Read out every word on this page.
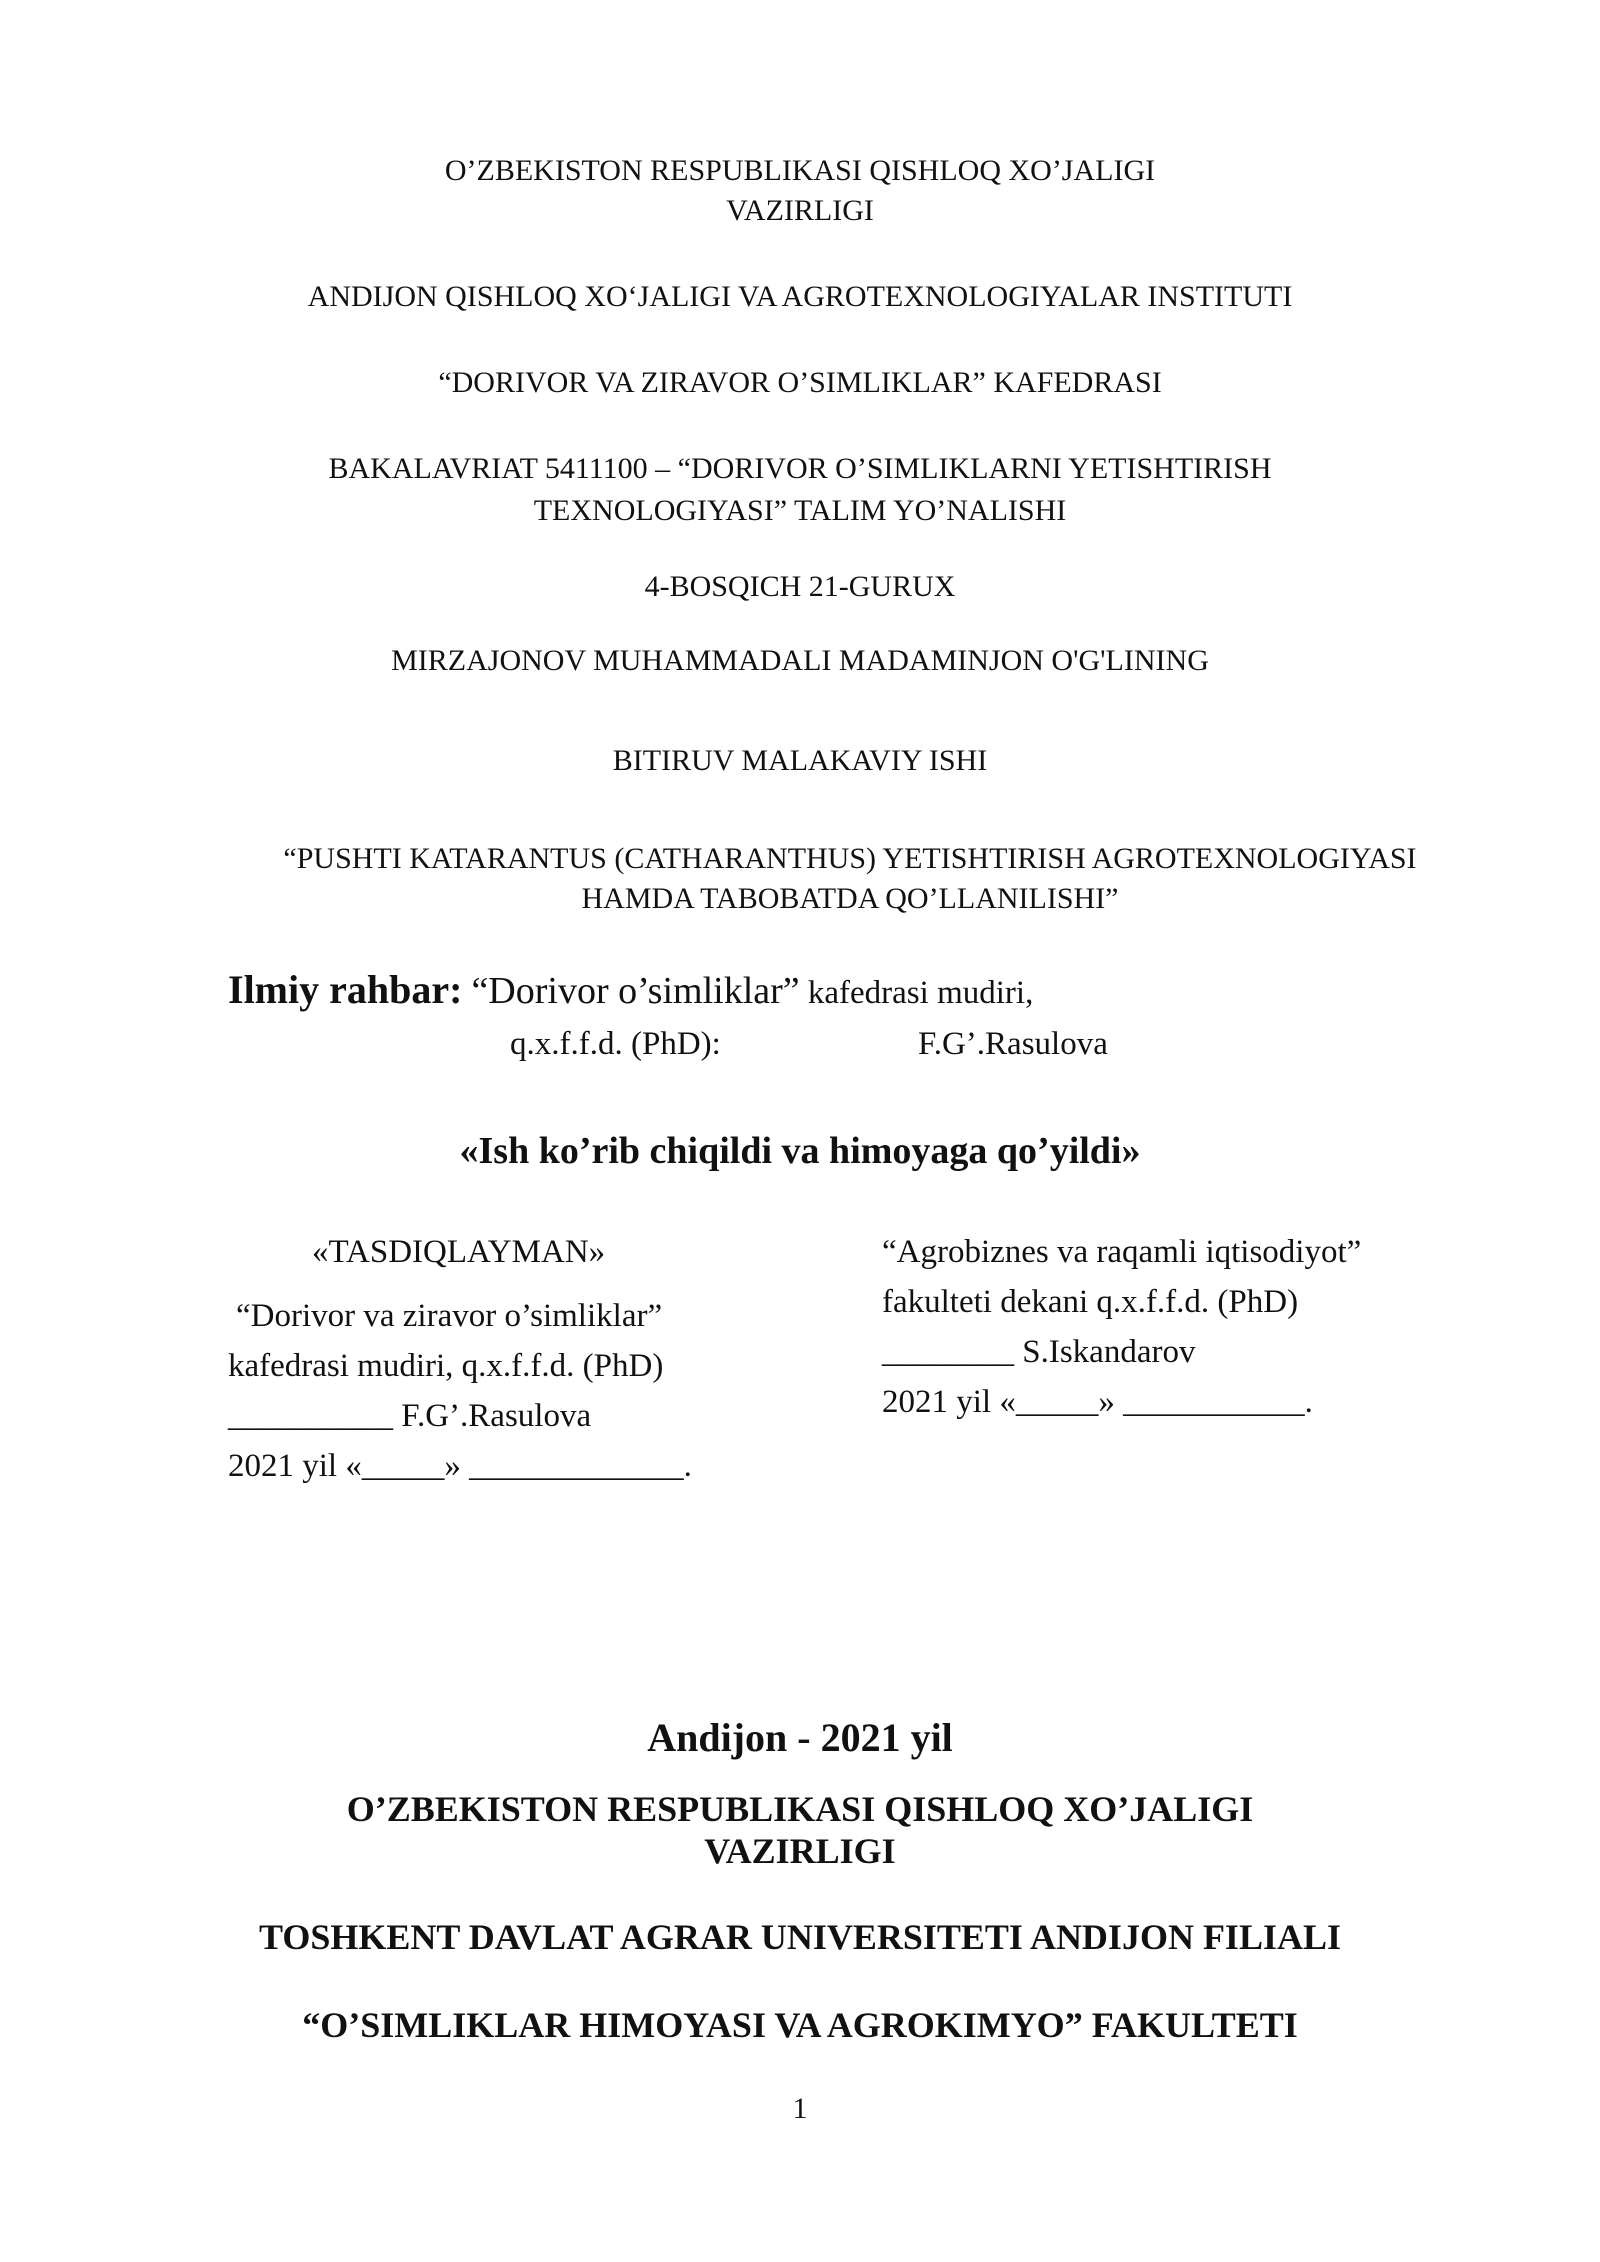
O’ZBEKISTON RESPUBLIKASI QISHLOQ XO’JALIGI
VAZIRLIGI
ANDIJON QISHLOQ XO‘JALIGI VA AGROTEXNOLOGIYALAR INSTITUTI
“DORIVOR VA ZIRAVOR O’SIMLIKLAR” KAFEDRASI
BAKALAVRIAT 5411100 – “DORIVOR O’SIMLIKLARNI YETISHTIRISH
TEXNOLOGIYASI” TALIM YO’NALISHI
4-BOSQICH 21-GURUX
MIRZAJONOV MUHAMMADALI MADAMINJON O'G'LINING
BITIRUV MALAKAVIY ISHI
“PUSHTI KATARANTUS (CATHARANTHUS) YETISHTIRISH AGROTEXNOLOGIYASI
HAMDA TABOBATDA QO’LLANILISHI”
Ilmiy rahbar: “Dorivor o’simliklar” kafedrasi mudiri,
q.x.f.f.d. (PhD):	F.G’.Rasulova
«Ish ko’rib chiqildi va himoyaga qo’yildi»
«TASDIQLAYMAN»
“Dorivor va ziravor o’simliklar”
kafedrasi mudiri, q.x.f.f.d. (PhD)
__________ F.G’.Rasulova
2021 yil «_____» _____________.
“Agrobiznes va raqamli iqtisodiyot”
fakulteti dekani q.x.f.f.d. (PhD)
________ S.Iskandarov
2021 yil «_____» ___________.
Andijon - 2021 yil
O’ZBEKISTON RESPUBLIKASI QISHLOQ XO’JALIGI
VAZIRLIGI
TOSHKENT DAVLAT AGRAR UNIVERSITETI ANDIJON FILIALI
“O’SIMLIKLAR HIMOYASI VA AGROKIMYO” FAKULTETI
1
